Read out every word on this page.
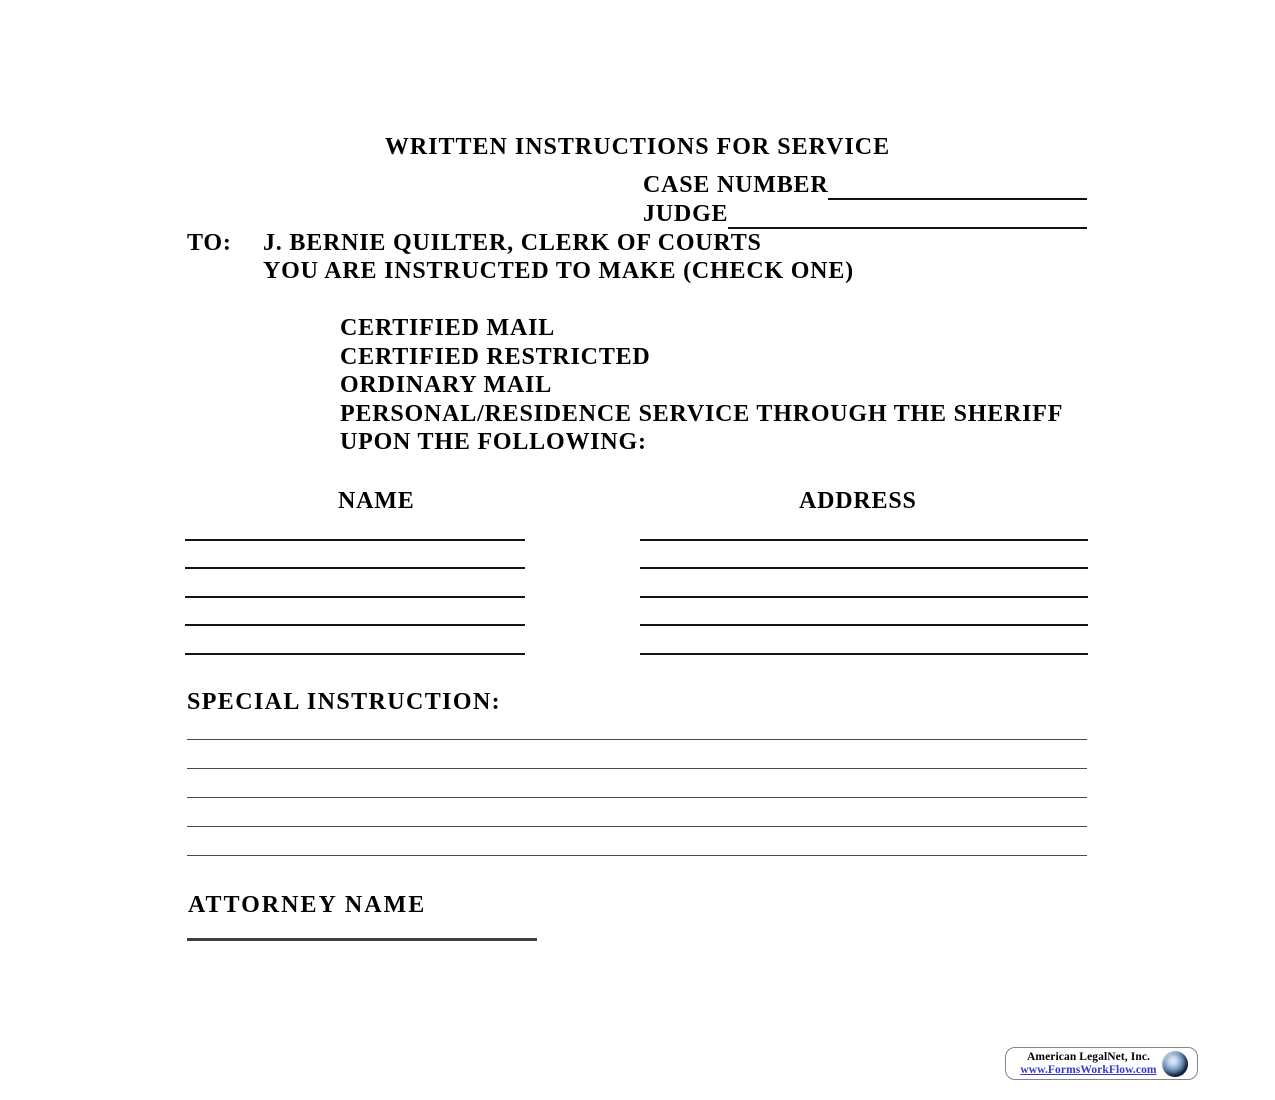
WRITTEN INSTRUCTIONS FOR SERVICE
CASE NUMBER
JUDGE
TO: J. BERNIE QUILTER, CLERK OF COURTS
YOU ARE INSTRUCTED TO MAKE (CHECK ONE)
CERTIFIED MAIL
CERTIFIED RESTRICTED
ORDINARY MAIL
PERSONAL/RESIDENCE SERVICE THROUGH THE SHERIFF
UPON THE FOLLOWING:
NAME	ADDRESS
SPECIAL INSTRUCTION:
ATTORNEY NAME
American LegalNet, Inc.
www.FormsWorkFlow.com
